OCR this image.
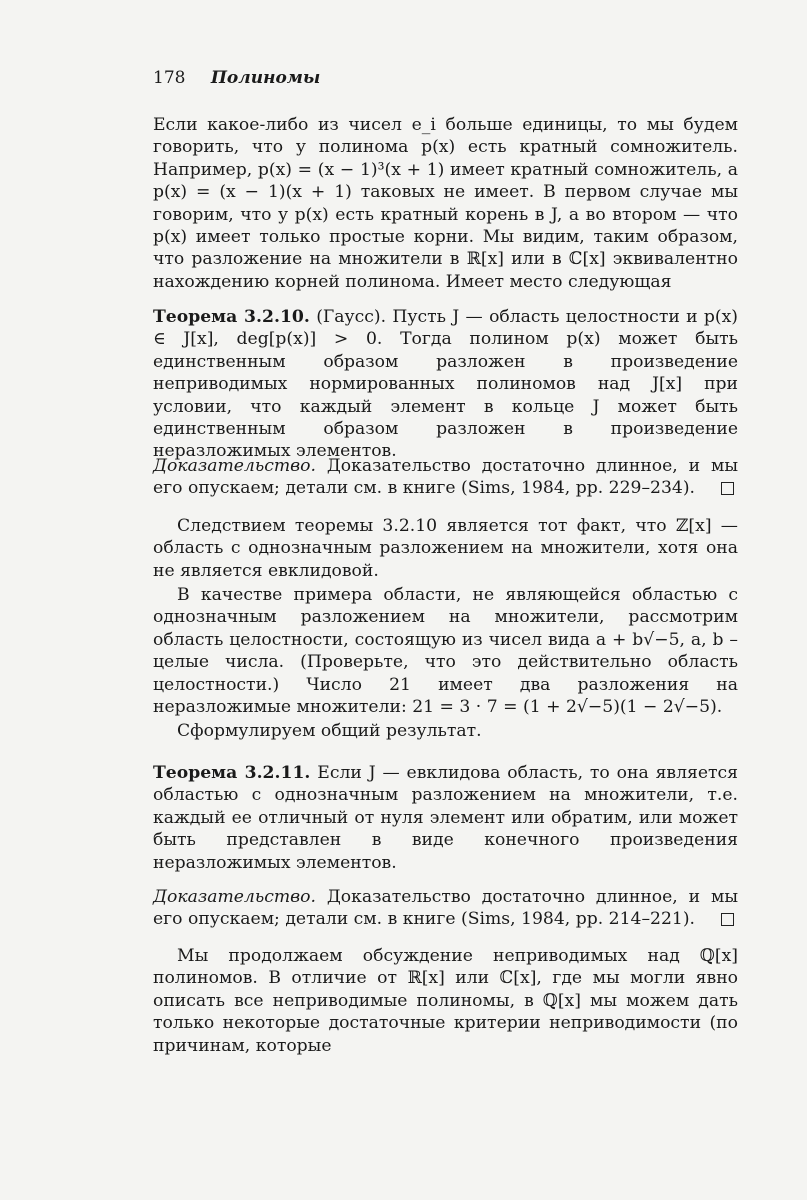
178 Полиномы
Если какое-либо из чисел e_i больше единицы, то мы будем говорить, что у полинома p(x) есть кратный сомножитель. Например, p(x) = (x − 1)³(x + 1) имеет кратный сомножитель, а p(x) = (x − 1)(x + 1) таковых не имеет. В первом случае мы говорим, что у p(x) есть кратный корень в J, а во втором — что p(x) имеет только простые корни. Мы видим, таким образом, что разложение на множители в ℝ[x] или в ℂ[x] эквивалентно нахождению корней полинома. Имеет место следующая
Теорема 3.2.10. (Гаусс). Пусть J — область целостности и p(x) ∈ J[x], deg[p(x)] > 0. Тогда полином p(x) может быть единственным образом разложен в произведение неприводимых нормированных полиномов над J[x] при условии, что каждый элемент в кольце J может быть единственным образом разложен в произведение неразложимых элементов.
Доказательство. Доказательство достаточно длинное, и мы его опускаем; детали см. в книге (Sims, 1984, pp. 229–234).
Следствием теоремы 3.2.10 является тот факт, что ℤ[x] — область с однозначным разложением на множители, хотя она не является евклидовой.
В качестве примера области, не являющейся областью с однозначным разложением на множители, рассмотрим область целостности, состоящую из чисел вида a + b√−5, a, b – целые числа. (Проверьте, что это действительно область целостности.) Число 21 имеет два разложения на неразложимые множители: 21 = 3 · 7 = (1 + 2√−5)(1 − 2√−5).
Сформулируем общий результат.
Теорема 3.2.11. Если J — евклидова область, то она является областью с однозначным разложением на множители, т.е. каждый ее отличный от нуля элемент или обратим, или может быть представлен в виде конечного произведения неразложимых элементов.
Доказательство. Доказательство достаточно длинное, и мы его опускаем; детали см. в книге (Sims, 1984, pp. 214–221).
Мы продолжаем обсуждение неприводимых над ℚ[x] полиномов. В отличие от ℝ[x] или ℂ[x], где мы могли явно описать все неприводимые полиномы, в ℚ[x] мы можем дать только некоторые достаточные критерии неприводимости (по причинам, которые
